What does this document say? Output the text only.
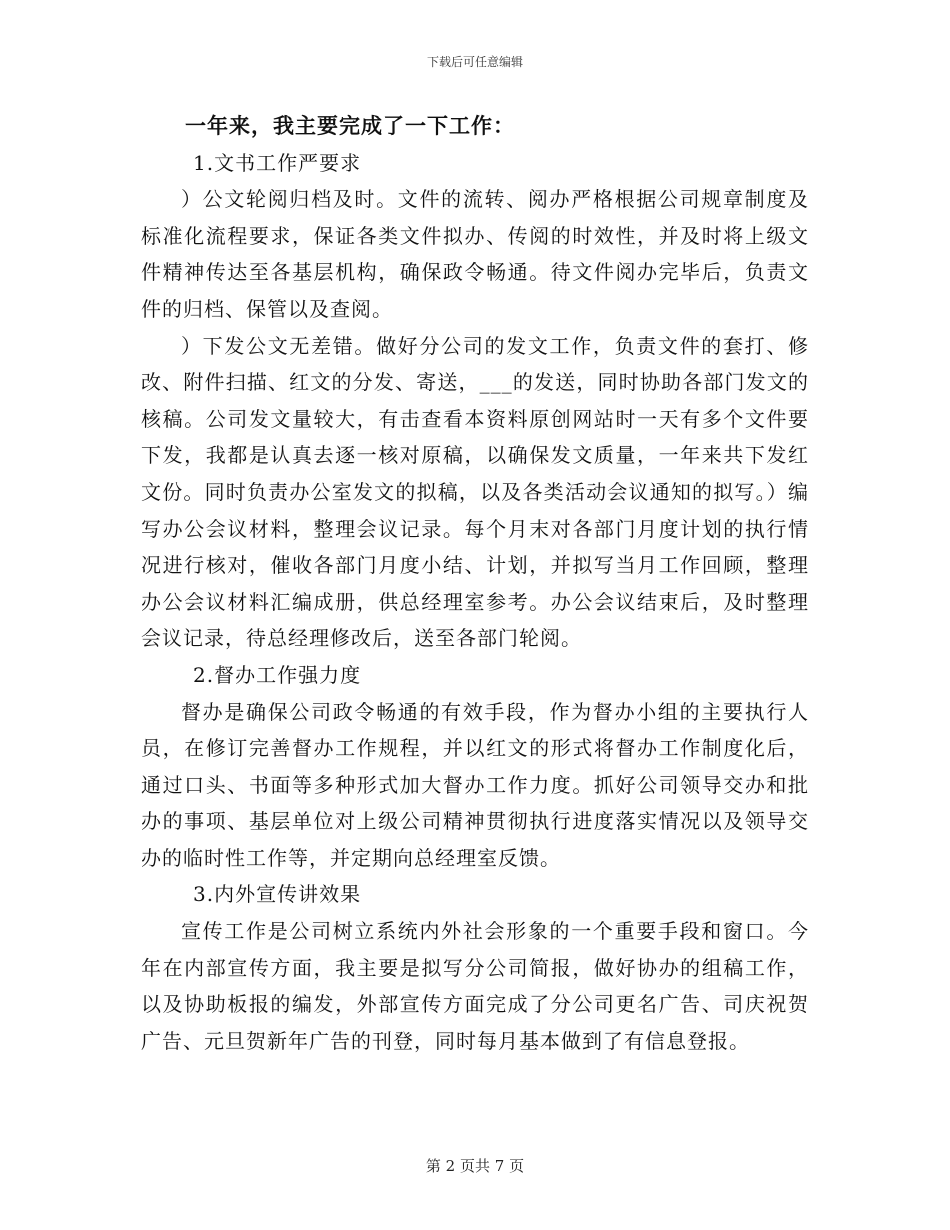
下载后可任意编辑

一年来，我主要完成了一下工作：

1.文书工作严要求

）公文轮阅归档及时。文件的流转、阅办严格根据公司规章制度及标准化流程要求，保证各类文件拟办、传阅的时效性，并及时将上级文件精神传达至各基层机构，确保政令畅通。待文件阅办完毕后，负责文件的归档、保管以及查阅。

）下发公文无差错。做好分公司的发文工作，负责文件的套打、修改、附件扫描、红文的分发、寄送，___的发送，同时协助各部门发文的核稿。公司发文量较大，有击查看本资料原创网站时一天有多个文件要下发，我都是认真去逐一核对原稿，以确保发文质量，一年来共下发红文份。同时负责办公室发文的拟稿，以及各类活动会议通知的拟写。）编写办公会议材料，整理会议记录。每个月末对各部门月度计划的执行情况进行核对，催收各部门月度小结、计划，并拟写当月工作回顾，整理办公会议材料汇编成册，供总经理室参考。办公会议结束后，及时整理会议记录，待总经理修改后，送至各部门轮阅。

2.督办工作强力度

督办是确保公司政令畅通的有效手段，作为督办小组的主要执行人员，在修订完善督办工作规程，并以红文的形式将督办工作制度化后，通过口头、书面等多种形式加大督办工作力度。抓好公司领导交办和批办的事项、基层单位对上级公司精神贯彻执行进度落实情况以及领导交办的临时性工作等，并定期向总经理室反馈。

3.内外宣传讲效果

宣传工作是公司树立系统内外社会形象的一个重要手段和窗口。今年在内部宣传方面，我主要是拟写分公司简报，做好协办的组稿工作，以及协助板报的编发，外部宣传方面完成了分公司更名广告、司庆祝贺广告、元旦贺新年广告的刊登，同时每月基本做到了有信息登报。

第 2 页共 7 页
